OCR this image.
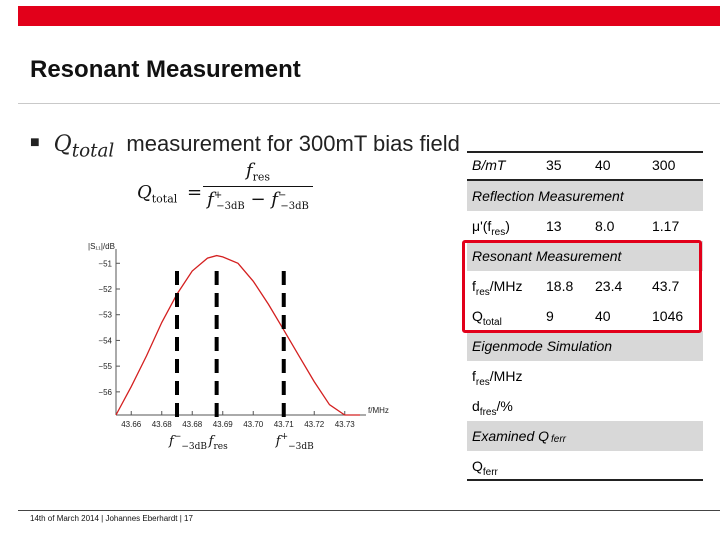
Resonant Measurement
■ $Q_{total}$ measurement for 300mT bias field
$Q_{total}$ =
$f_{res}$
$f^+_{-3dB} - f^-_{-3dB}$
−51
−52
−53
−54
−55
−56
43.66 43.68 43.68 43.69 43.70 43.71 43.72 43.73
|S₁₁|/dB
f/MHz
$f^-_{-3dB}$ $f_{res}$	$f^+_{-3dB}$
B/mT	35 40	300
Reflection Measurement
$\mu'(f_{res})$	13 8.0	1.17
Resonant Measurement
$f_{res}$/MHz 18.8 23.4 43.7
$Q_{total}$	9	40	1046
Eigenmode Simulation
$f_{res}$/MHz
$d_{fres}/\%$
Examined Q ferr
$Q_{ferr}$
14th of March 2014 | Johannes Eberhardt | 17
